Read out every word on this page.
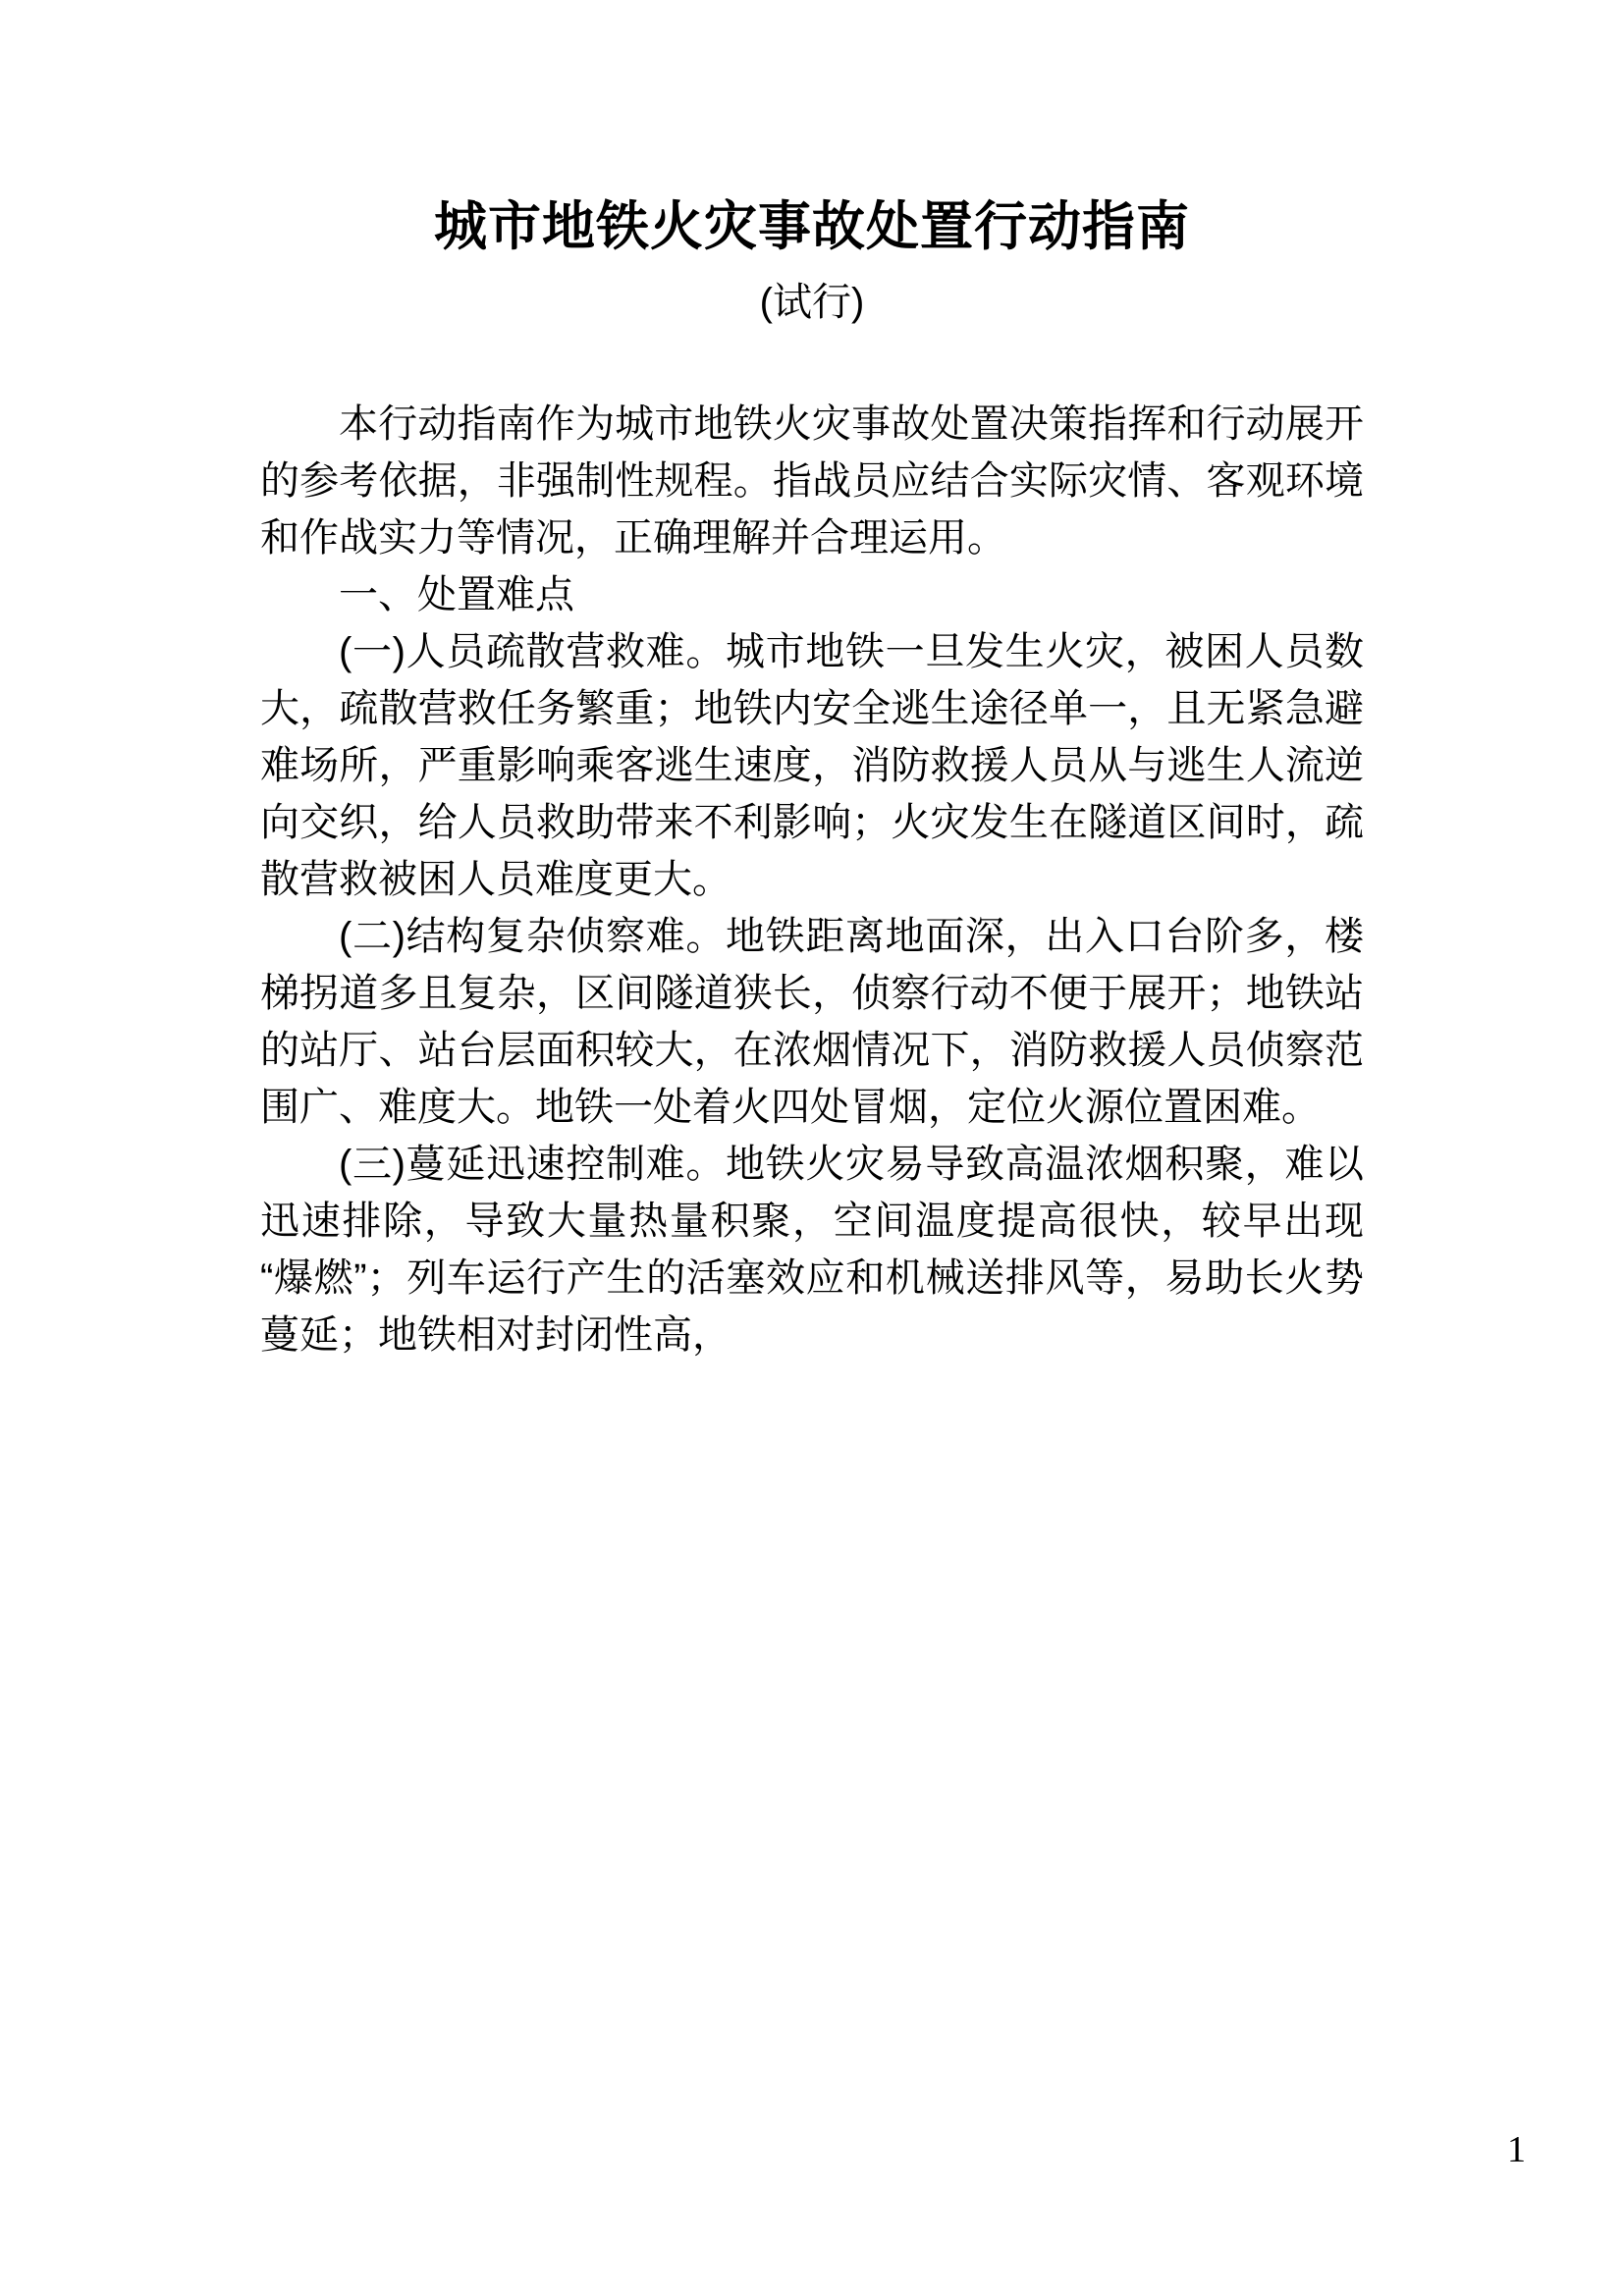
城市地铁火灾事故处置行动指南
(试行)

本行动指南作为城市地铁火灾事故处置决策指挥和行动展开的参考依据，非强制性规程。指战员应结合实际灾情、客观环境和作战实力等情况，正确理解并合理运用。

一、处置难点

(一)人员疏散营救难。城市地铁一旦发生火灾，被困人员数大，疏散营救任务繁重；地铁内安全逃生途径单一，且无紧急避难场所，严重影响乘客逃生速度，消防救援人员从与逃生人流逆向交织，给人员救助带来不利影响；火灾发生在隧道区间时，疏散营救被困人员难度更大。

(二)结构复杂侦察难。地铁距离地面深，出入口台阶多，楼梯拐道多且复杂，区间隧道狭长，侦察行动不便于展开；地铁站的站厅、站台层面积较大，在浓烟情况下，消防救援人员侦察范围广、难度大。地铁一处着火四处冒烟，定位火源位置困难。

(三)蔓延迅速控制难。地铁火灾易导致高温浓烟积聚，难以迅速排除，导致大量热量积聚，空间温度提高很快，较早出现“爆燃”；列车运行产生的活塞效应和机械送排风等，易助长火势蔓延；地铁相对封闭性高，

1
